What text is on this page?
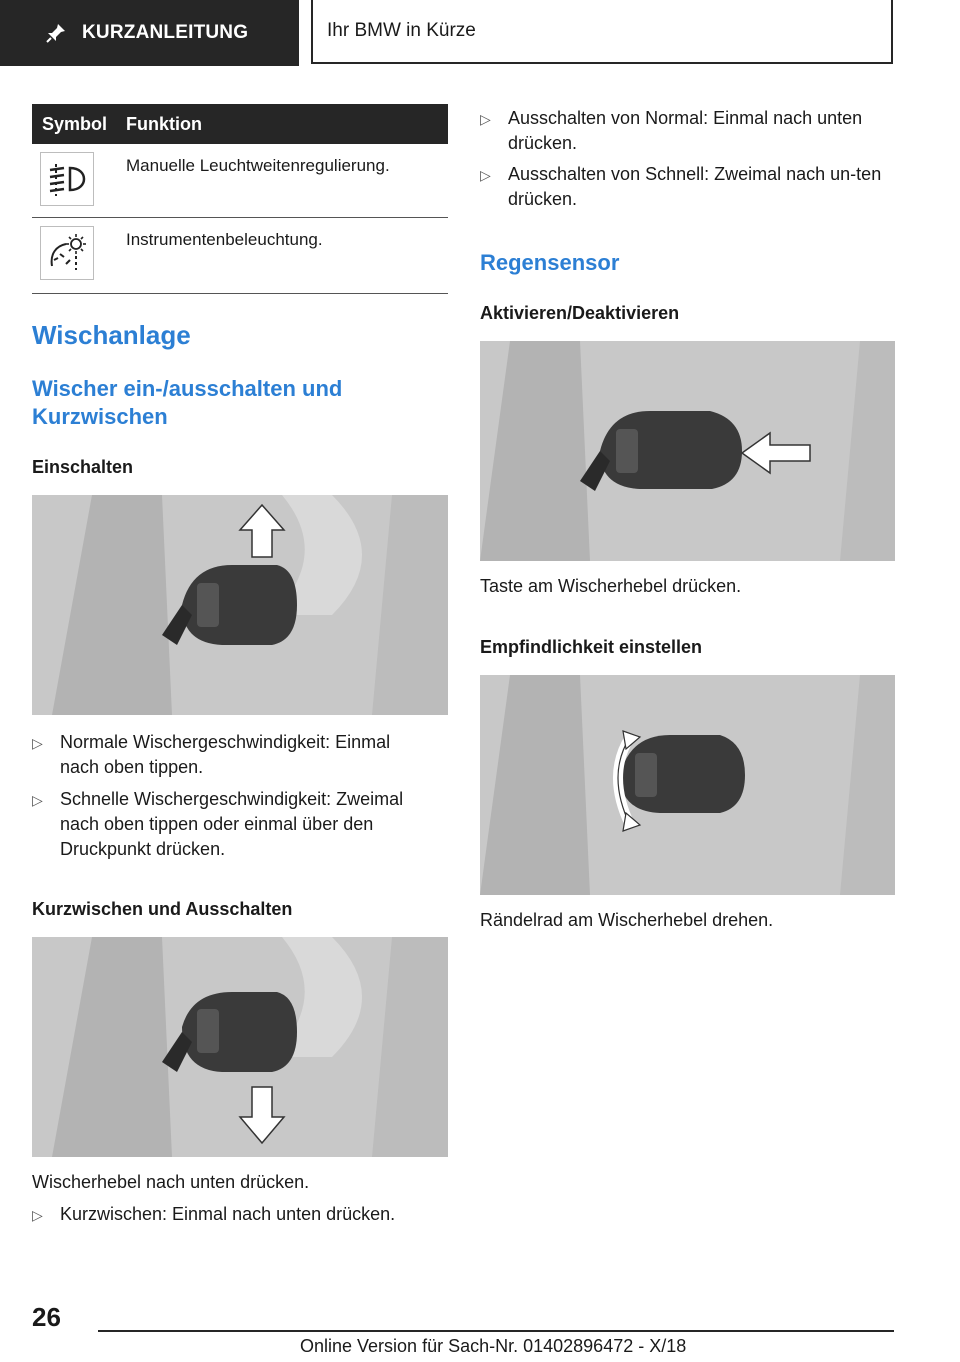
KURZANLEITUNG	Ihr BMW in Kürze
Symbol	Funktion
Manuelle Leuchtweitenregulierung.
Instrumentenbeleuchtung.
Wischanlage
Wischer ein-/ausschalten und Kurzwischen
Einschalten
▷ Normale Wischergeschwindigkeit: Einmal nach oben tippen.
▷ Schnelle Wischergeschwindigkeit: Zweimal nach oben tippen oder einmal über den Druckpunkt drücken.
Kurzwischen und Ausschalten
Wischerhebel nach unten drücken.
▷ Kurzwischen: Einmal nach unten drücken.
▷ Ausschalten von Normal: Einmal nach unten drücken.
▷ Ausschalten von Schnell: Zweimal nach un-ten drücken.
Regensensor
Aktivieren/Deaktivieren
Taste am Wischerhebel drücken.
Empfindlichkeit einstellen
Rändelrad am Wischerhebel drehen.
26
Online Version für Sach-Nr. 01402896472 - X/18
